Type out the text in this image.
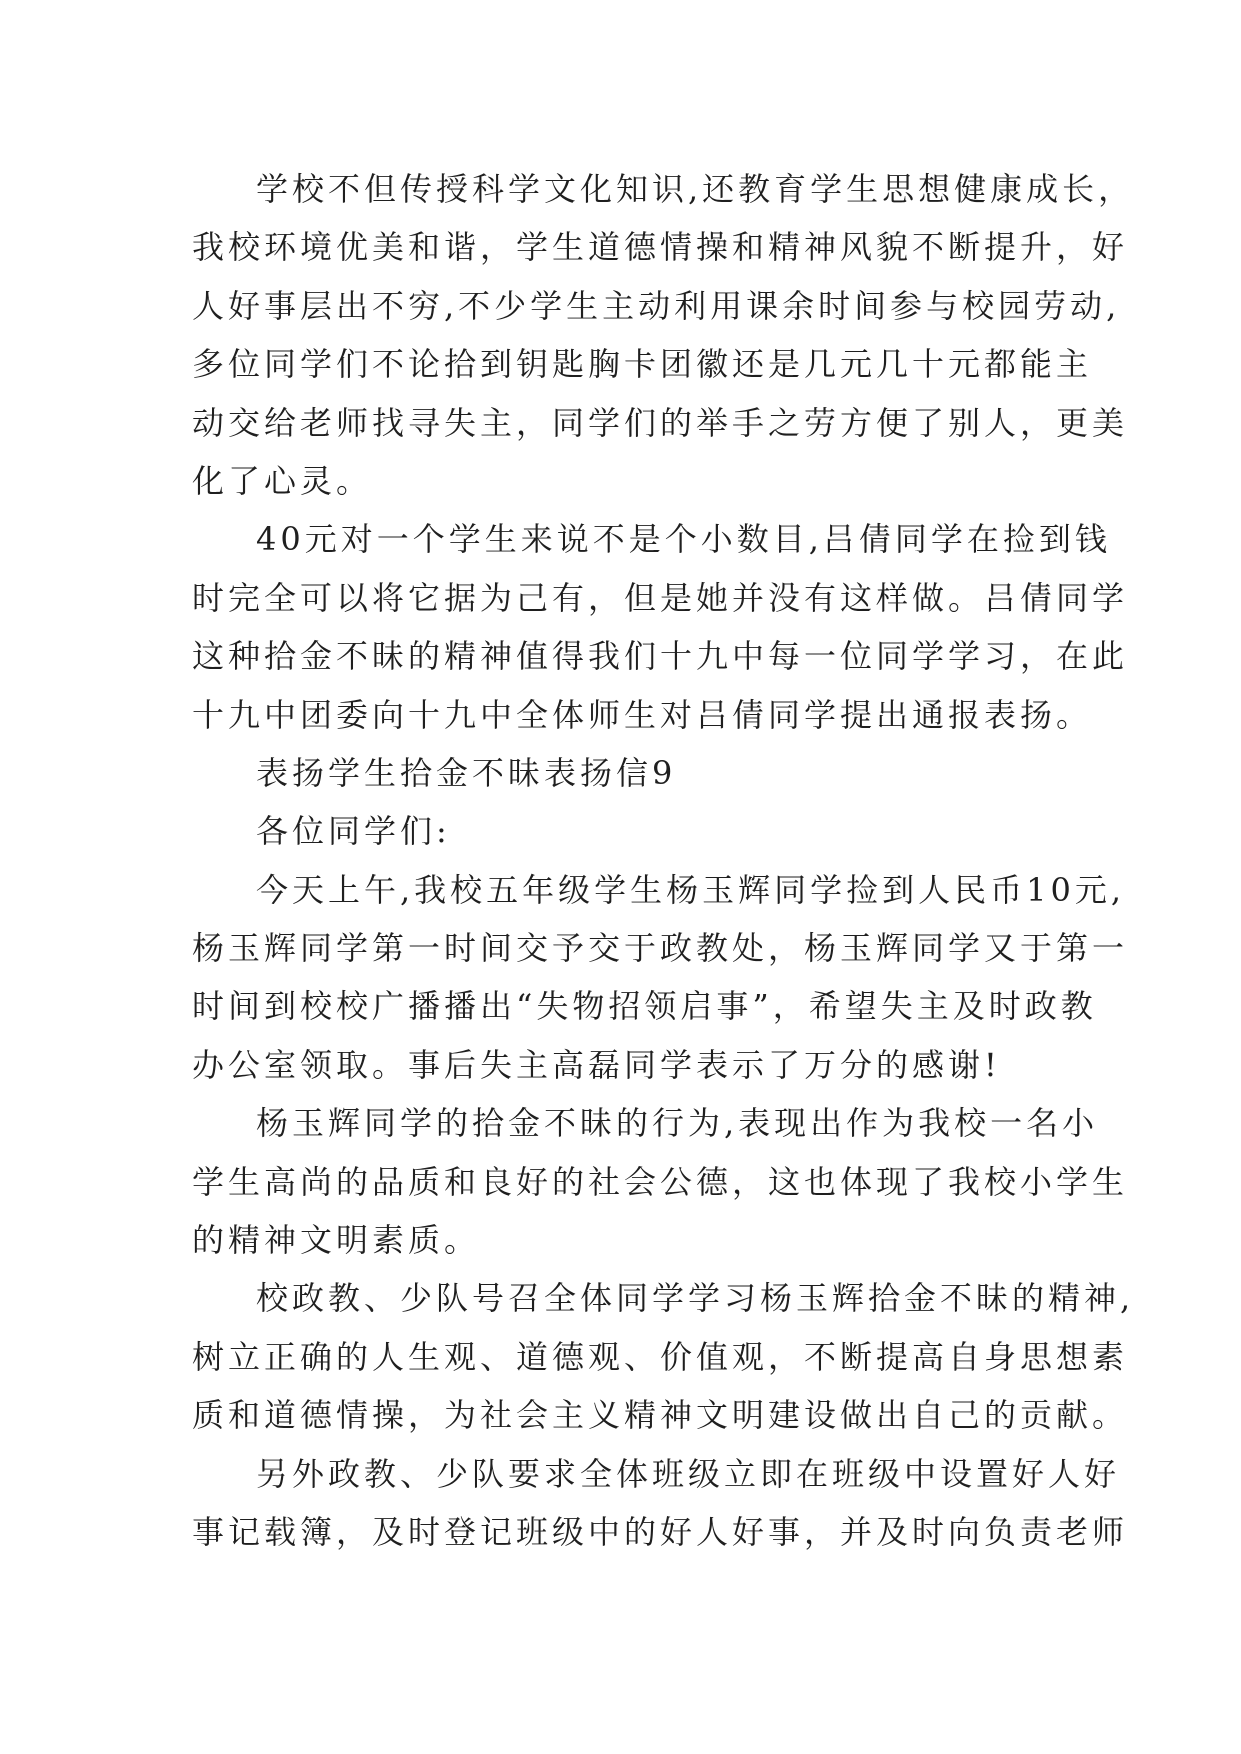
学校不但传授科学文化知识,还教育学生思想健康成长，
我校环境优美和谐，学生道德情操和精神风貌不断提升，好
人好事层出不穷,不少学生主动利用课余时间参与校园劳动,
多位同学们不论拾到钥匙胸卡团徽还是几元几十元都能主
动交给老师找寻失主，同学们的举手之劳方便了别人，更美
化了心灵。
40元对一个学生来说不是个小数目,吕倩同学在捡到钱
时完全可以将它据为己有，但是她并没有这样做。吕倩同学
这种拾金不昧的精神值得我们十九中每一位同学学习，在此
十九中团委向十九中全体师生对吕倩同学提出通报表扬。
表扬学生拾金不昧表扬信9
各位同学们:
今天上午,我校五年级学生杨玉辉同学捡到人民币10元,
杨玉辉同学第一时间交予交于政教处，杨玉辉同学又于第一
时间到校校广播播出“失物招领启事”，希望失主及时政教
办公室领取。事后失主高磊同学表示了万分的感谢!
杨玉辉同学的拾金不昧的行为,表现出作为我校一名小
学生高尚的品质和良好的社会公德，这也体现了我校小学生
的精神文明素质。
校政教、少队号召全体同学学习杨玉辉拾金不昧的精神,
树立正确的人生观、道德观、价值观，不断提高自身思想素
质和道德情操，为社会主义精神文明建设做出自己的贡献。
另外政教、少队要求全体班级立即在班级中设置好人好
事记载簿，及时登记班级中的好人好事，并及时向负责老师
